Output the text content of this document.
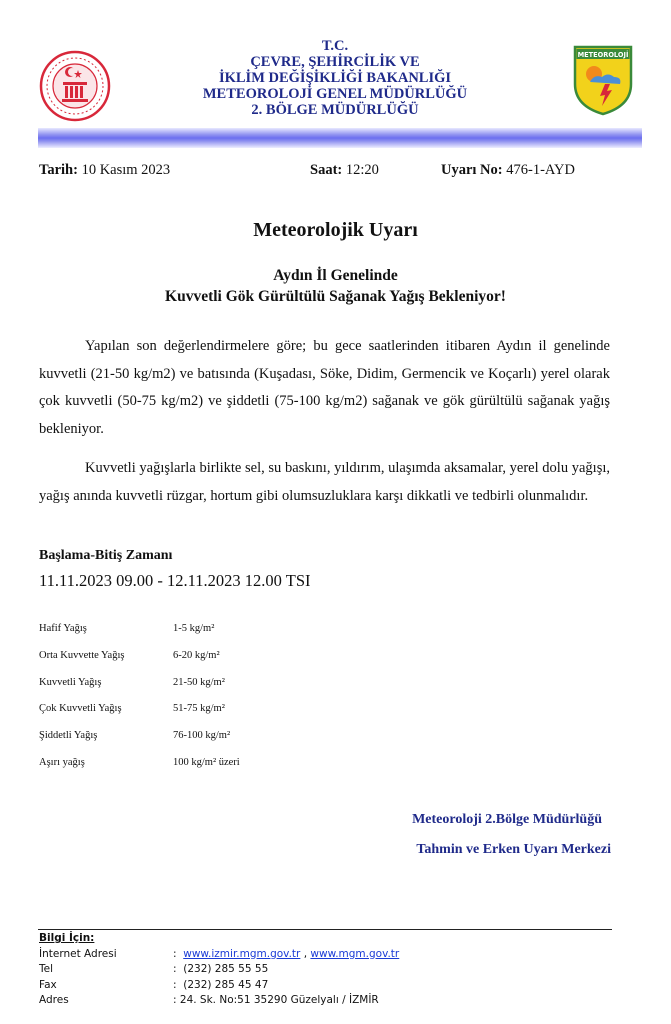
T.C.
ÇEVRE, ŞEHİRCİLİK VE
İKLİM DEĞİŞİKLİĞİ BAKANLIĞI
METEOROLOJİ GENEL MÜDÜRLÜĞÜ
2. BÖLGE MÜDÜRLÜĞÜ
METEOROLOJİ
Tarih: 10 Kasım 2023	Saat: 12:20	Uyarı No: 476-1-AYD
Meteorolojik Uyarı
Aydın İl Genelinde
Kuvvetli Gök Gürültülü Sağanak Yağış Bekleniyor!
Yapılan son değerlendirmelere göre; bu gece saatlerinden itibaren Aydın il genelinde kuvvetli (21-50 kg/m2) ve batısında (Kuşadası, Söke, Didim, Germencik ve Koçarlı) yerel olarak çok kuvvetli (50-75 kg/m2) ve şiddetli (75-100 kg/m2) sağanak ve gök gürültülü sağanak yağış bekleniyor.
Kuvvetli yağışlarla birlikte sel, su baskını, yıldırım, ulaşımda aksamalar, yerel dolu yağışı, yağış anında kuvvetli rüzgar, hortum gibi olumsuzluklara karşı dikkatli ve tedbirli olunmalıdır.
Başlama-Bitiş Zamanı
11.11.2023 09.00 - 12.11.2023 12.00 TSI
Hafif Yağış	1-5 kg/m²
Orta Kuvvette Yağış	6-20 kg/m²
Kuvvetli Yağış	21-50 kg/m²
Çok Kuvvetli Yağış	51-75 kg/m²
Şiddetli Yağış	76-100 kg/m²
Aşırı yağış	100 kg/m² üzeri
Meteoroloji 2.Bölge Müdürlüğü
Tahmin ve Erken Uyarı Merkezi
Bilgi İçin:
İnternet Adresi	: www.izmir.mgm.gov.tr , www.mgm.gov.tr
Tel	: (232) 285 55 55
Fax	: (232) 285 45 47
Adres	: 24. Sk. No:51 35290 Güzelyalı / İZMİR
